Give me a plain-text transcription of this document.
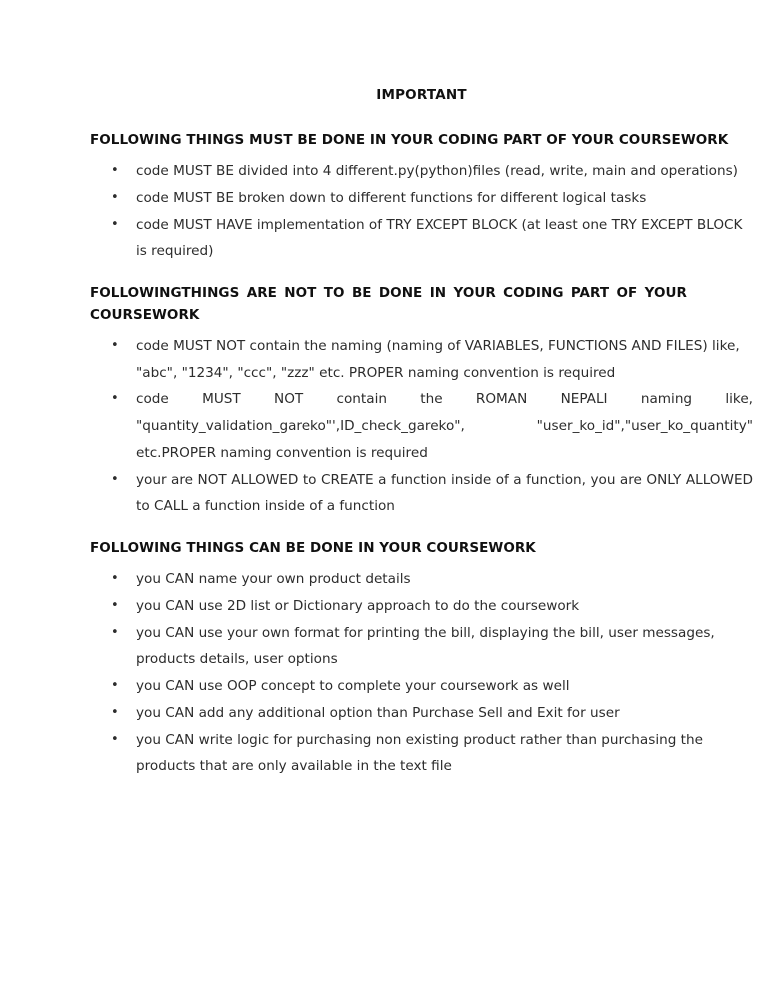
IMPORTANT
FOLLOWING THINGS MUST BE DONE IN YOUR CODING PART OF YOUR COURSEWORK
• code MUST BE divided into 4 different.py(python)files (read, write, main and operations)
• code MUST BE broken down to different functions for different logical tasks
• code MUST HAVE implementation of TRY EXCEPT BLOCK (at least one TRY EXCEPT BLOCK is required)
FOLLOWINGTHINGS ARE NOT TO BE DONE IN YOUR CODING PART OF YOUR COURSEWORK
• code MUST NOT contain the naming (naming of VARIABLES, FUNCTIONS AND FILES) like, "abc", "1234", "ccc", "zzz" etc. PROPER naming convention is required
• code MUST NOT contain the ROMAN NEPALI naming like, "quantity_validation_gareko"',ID_check_gareko", "user_ko_id","user_ko_quantity" etc.PROPER naming convention is required
• your are NOT ALLOWED to CREATE a function inside of a function, you are ONLY ALLOWED to CALL a function inside of a function
FOLLOWING THINGS CAN BE DONE IN YOUR COURSEWORK
• you CAN name your own product details
• you CAN use 2D list or Dictionary approach to do the coursework
• you CAN use your own format for printing the bill, displaying the bill, user messages, products details, user options
• you CAN use OOP concept to complete your coursework as well
• you CAN add any additional option than Purchase Sell and Exit for user
• you CAN write logic for purchasing non existing product rather than purchasing the products that are only available in the text file
